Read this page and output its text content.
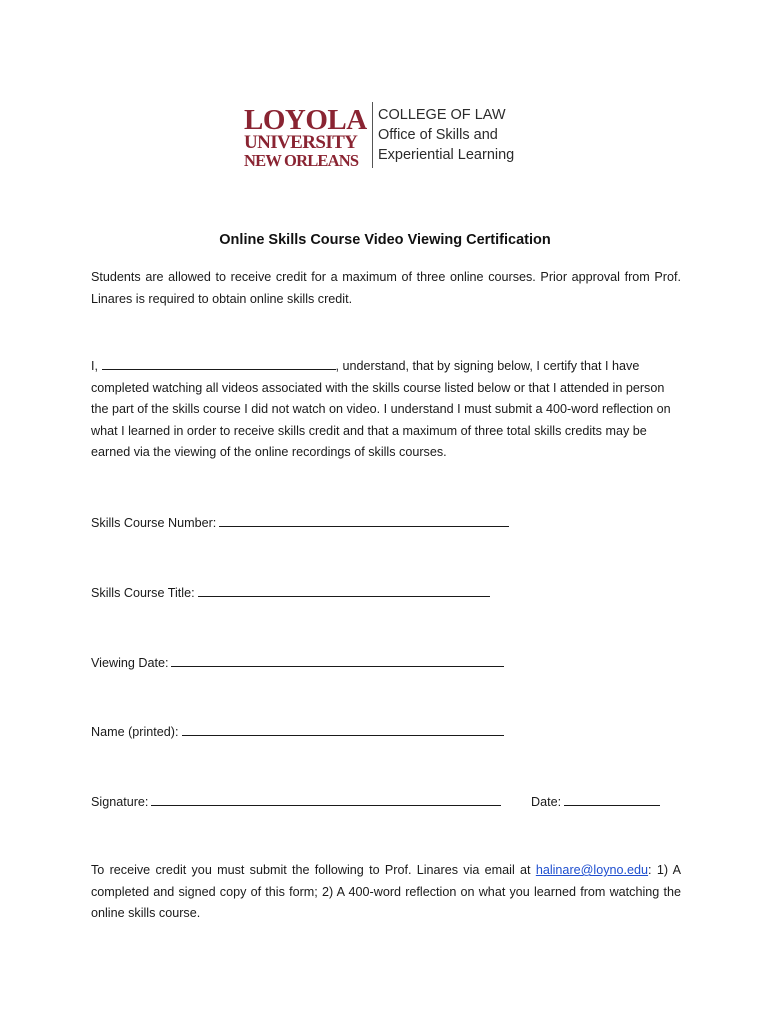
LOYOLA
UNIVERSITY
NEW ORLEANS
COLLEGE OF LAW
Office of Skills and
Experiential Learning
Online Skills Course Video Viewing Certification
Students are allowed to receive credit for a maximum of three online courses. Prior approval from Prof. Linares is required to obtain online skills credit.
I,	, understand, that by signing below, I certify that I have completed watching all videos associated with the skills course listed below or that I attended in person the part of the skills course I did not watch on video. I understand I must submit a 400-word reflection on what I learned in order to receive skills credit and that a maximum of three total skills credits may be earned via the viewing of the online recordings of skills courses.
Skills Course Number:
Skills Course Title:
Viewing Date:
Name (printed):
Signature:	Date:
To receive credit you must submit the following to Prof. Linares via email at halinare@loyno.edu: 1) A completed and signed copy of this form; 2) A 400-word reflection on what you learned from watching the online skills course.
